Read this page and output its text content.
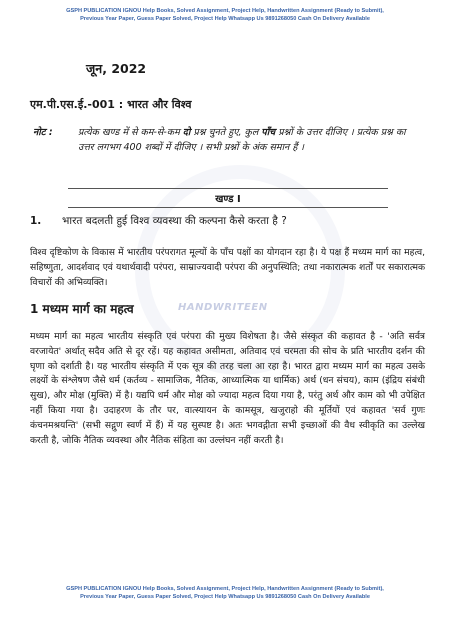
GSPH PUBLICATION IGNOU Help Books, Solved Assignment, Project Help, Handwritten Assignment (Ready to Submit),
Previous Year Paper, Guess Paper Solved, Project Help Whatsapp Us 9891268050 Cash On Delivery Available
जून, 2022
एम.पी.एस.ई.-001 : भारत और विश्व
नोट :	प्रत्येक खण्ड में से कम-से-कम दो प्रश्न चुनते हुए, कुल पाँच प्रश्नों के उत्तर दीजिए । प्रत्येक प्रश्न का उत्तर लगभग 400 शब्दों में दीजिए । सभी प्रश्नों के अंक समान हैं ।
खण्ड I
1. भारत बदलती हुई विश्व व्यवस्था की कल्पना कैसे करता है ?
विश्व दृष्टिकोण के विकास में भारतीय परंपरागत मूल्यों के पाँच पक्षों का योगदान रहा है। ये पक्ष हैं मध्यम मार्ग का महत्व, सहिष्णुता, आदर्शवाद एवं यथार्थवादी परंपरा, साम्राज्यवादी परंपरा की अनुपस्थिति; तथा नकारात्मक शर्तों पर सकारात्मक विचारों की अभिव्यक्ति।
1 मध्यम मार्ग का महत्व	HANDWRITEEN
मध्यम मार्ग का महत्व भारतीय संस्कृति एवं परंपरा की मुख्य विशेषता है। जैसे संस्कृत की कहावत है - 'अति सर्वत्र वरजायेत' अर्थात् सदैव अति से दूर रहें। यह कहावत असीमता, अतिवाद एवं चरमता की सोच के प्रति भारतीय दर्शन की घृणा को दर्शाती है। यह भारतीय संस्कृति में एक सूत्र की तरह चला आ रहा है। भारत द्वारा मध्यम मार्ग का महत्व उसके लक्ष्यों के संश्लेषण जैसे धर्म (कर्तव्य - सामाजिक, नैतिक, आध्यात्मिक या धार्मिक) अर्थ (धन संचय), काम (इंद्रिय संबंधी सुख), और मोक्ष (मुक्ति) में है। यद्यपि धर्म और मोक्ष को ज्यादा महत्व दिया गया है, परंतु अर्थ और काम को भी उपेक्षित नहीं किया गया है। उदाहरण के तौर पर, वात्स्यायन के कामसूत्र, खजुराहो की मूर्तियों एवं कहावत 'सर्व गुणः कंचनमश्रयन्ति' (सभी सद्गुण स्वर्ण में हैं) में यह सुस्पष्ट है। अतः भगवद्गीता सभी इच्छाओं की वैध स्वीकृति का उल्लेख करती है, जोकि नैतिक व्यवस्था और नैतिक संहिता का उल्लंघन नहीं करती है।
GSPH PUBLICATION IGNOU Help Books, Solved Assignment, Project Help, Handwritten Assignment (Ready to Submit),
Previous Year Paper, Guess Paper Solved, Project Help Whatsapp Us 9891268050 Cash On Delivery Available
